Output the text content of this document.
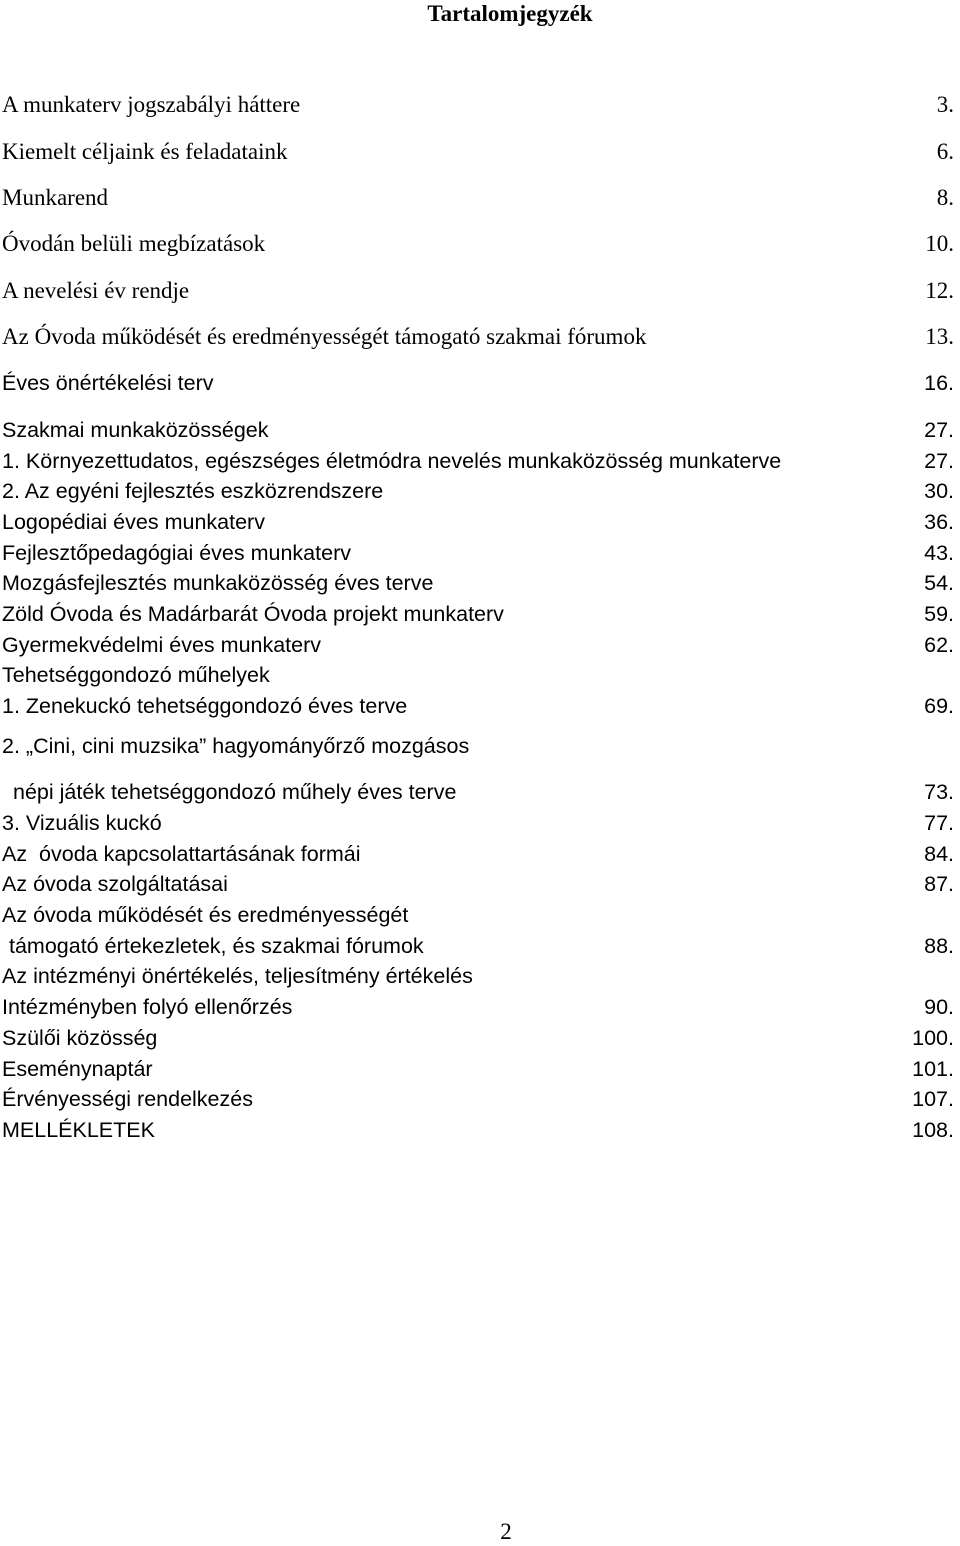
Tartalomjegyzék
A munkaterv jogszabályi háttere	3.
Kiemelt céljaink és feladataink	6.
Munkarend	8.
Óvodán belüli megbízatások	10.
A nevelési év rendje	12.
Az Óvoda működését és eredményességét támogató szakmai fórumok	13.
Éves önértékelési terv	16.
Szakmai munkaközösségek	27.
1. Környezettudatos, egészséges életmódra nevelés munkaközösség munkaterve	27.
2. Az egyéni fejlesztés eszközrendszere	30.
Logopédiai éves munkaterv	36.
Fejlesztőpedagógiai éves munkaterv	43.
Mozgásfejlesztés munkaközösség éves terve	54.
Zöld Óvoda és Madárbarát Óvoda projekt munkaterv	59.
Gyermekvédelmi éves munkaterv	62.
Tehetséggondozó műhelyek
1. Zenekuckó tehetséggondozó éves terve	69.
2. „Cini, cini muzsika” hagyományőrző mozgásos
népi játék tehetséggondozó műhely éves terve	73.
3. Vizuális kuckó	77.
Az  óvoda kapcsolattartásának formái	84.
Az óvoda szolgáltatásai	87.
Az óvoda működését és eredményességét
támogató értekezletek, és szakmai fórumok	88.
Az intézményi önértékelés, teljesítmény értékelés
Intézményben folyó ellenőrzés	90.
Szülői közösség	100.
Eseménynaptár	101.
Érvényességi rendelkezés	107.
MELLÉKLETEK	108.
2
